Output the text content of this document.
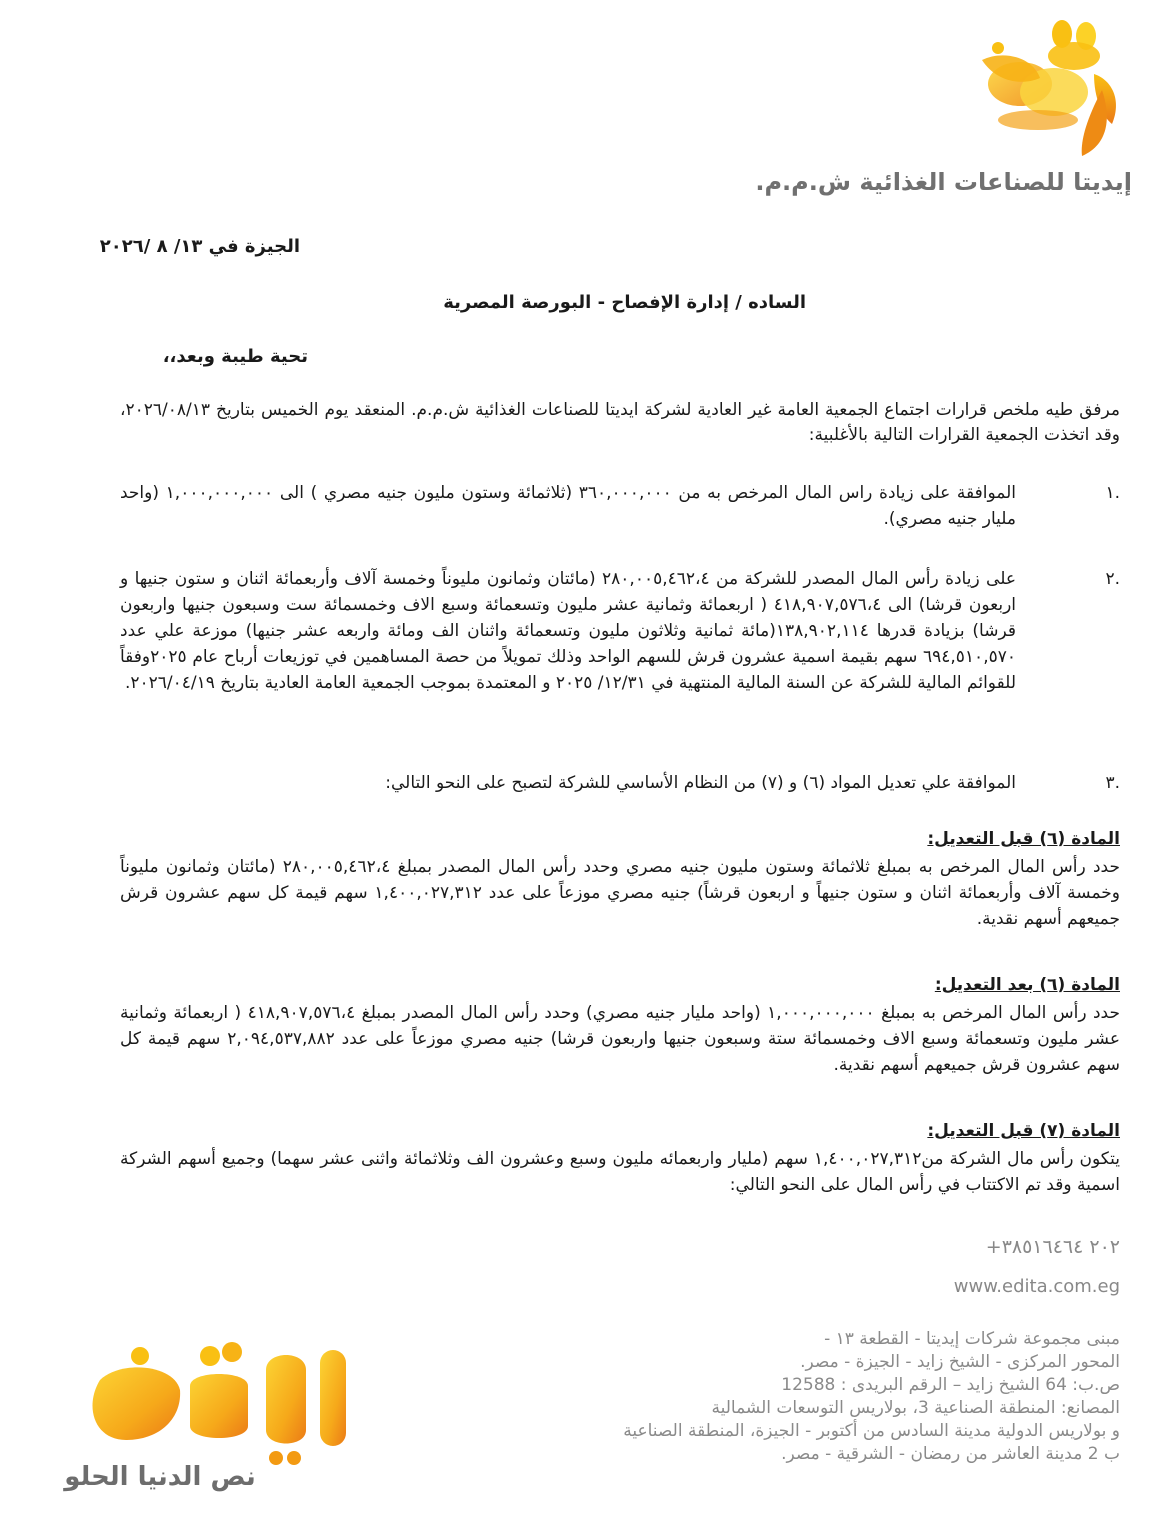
إيديتا للصناعات الغذائية ش.م.م.
الجيزة في ١٣/ ٨ /٢٠٢٦
الساده / إدارة الإفصاح - البورصة المصرية
تحية طيبة وبعد،،
مرفق طيه ملخص قرارات اجتماع الجمعية العامة غير العادية لشركة ايديتا للصناعات الغذائية ش.م.م. المنعقد يوم الخميس بتاريخ ٢٠٢٦/٠٨/١٣، وقد اتخذت الجمعية القرارات التالية بالأغلبية:
.١
الموافقة على زيادة راس المال المرخص به من ٣٦٠,٠٠٠,٠٠٠ (ثلاثمائة وستون مليون جنيه مصري ) الى ١,٠٠٠,٠٠٠,٠٠٠ (واحد مليار جنيه مصري).
.٢
على زيادة رأس المال المصدر للشركة من ٢٨٠,٠٠٥,٤٦٢،٤ (مائتان وثمانون مليوناً وخمسة آلاف وأربعمائة اثنان و ستون جنيها و اربعون قرشا) الى ٤١٨,٩٠٧,٥٧٦،٤ ( اربعمائة وثمانية عشر مليون وتسعمائة وسبع الاف وخمسمائة ست وسبعون جنيها واربعون قرشا) بزيادة قدرها ١٣٨,٩٠٢,١١٤(مائة ثمانية وثلاثون مليون وتسعمائة واثنان الف ومائة واربعه عشر جنيها) موزعة علي عدد ٦٩٤,٥١٠,٥٧٠ سهم بقيمة اسمية عشرون قرش للسهم الواحد وذلك تمويلاً من حصة المساهمين في توزيعات أرباح عام ٢٠٢٥وفقاً للقوائم المالية للشركة عن السنة المالية المنتهية في ١٢/٣١/ ٢٠٢٥ و المعتمدة بموجب الجمعية العامة العادية بتاريخ ٢٠٢٦/٠٤/١٩.
.٣
الموافقة علي تعديل المواد (٦) و (٧) من النظام الأساسي للشركة لتصبح على النحو التالي:
المادة (٦) قبل التعديل:
حدد رأس المال المرخص به بمبلغ ثلاثمائة وستون مليون جنيه مصري وحدد رأس المال المصدر بمبلغ ٢٨٠,٠٠٥,٤٦٢،٤ (مائتان وثمانون مليوناً وخمسة آلاف وأربعمائة اثنان و ستون جنيهاً و اربعون قرشاً) جنيه مصري موزعاً على عدد ١,٤٠٠,٠٢٧,٣١٢ سهم قيمة كل سهم عشرون قرش جميعهم أسهم نقدية.
المادة (٦) بعد التعديل:
حدد رأس المال المرخص به بمبلغ ١,٠٠٠,٠٠٠,٠٠٠ (واحد مليار جنيه مصري) وحدد رأس المال المصدر بمبلغ ٤١٨,٩٠٧,٥٧٦،٤ ( اربعمائة وثمانية عشر مليون وتسعمائة وسبع الاف وخمسمائة ستة وسبعون جنيها واربعون قرشا) جنيه مصري موزعاً على عدد ٢,٠٩٤,٥٣٧,٨٨٢ سهم قيمة كل سهم عشرون قرش جميعهم أسهم نقدية.
المادة (٧) قبل التعديل:
يتكون رأس مال الشركة من١,٤٠٠,٠٢٧,٣١٢ سهم (مليار واربعمائه مليون وسبع وعشرون الف وثلاثمائة واثنى عشر سهما) وجميع أسهم الشركة اسمية وقد تم الاكتتاب في رأس المال على النحو التالي:
+٢٠٢ ٣٨٥١٦٤٦٤
www.edita.com.eg
مبنى مجموعة شركات إيديتا - القطعة ١٣ -
المحور المركزى - الشيخ زايد - الجيزة - مصر.
ص.ب: 64 الشيخ زايد – الرقم البريدى : 12588
المصانع: المنطقة الصناعية 3، بولاريس التوسعات الشمالية
و بولاريس الدولية مدينة السادس من أكتوبر - الجيزة، المنطقة الصناعية
ب 2 مدينة العاشر من رمضان - الشرقية - مصر.
نص الدنيا الحلو
